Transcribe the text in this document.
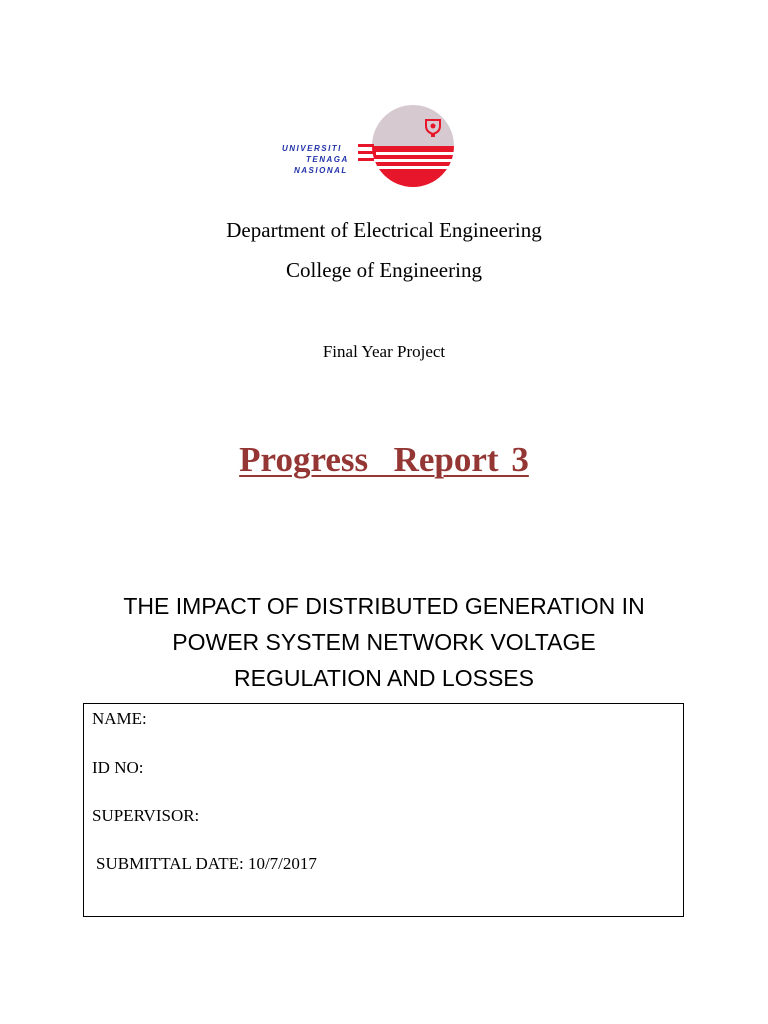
UNIVERSITI
TENAGA
NASIONAL
Department of Electrical Engineering
College of Engineering
Final Year Project
Progress  Report 3
THE IMPACT OF DISTRIBUTED GENERATION IN
POWER SYSTEM NETWORK VOLTAGE
REGULATION AND LOSSES
NAME:
ID NO:
SUPERVISOR:
SUBMITTAL DATE: 10/7/2017
